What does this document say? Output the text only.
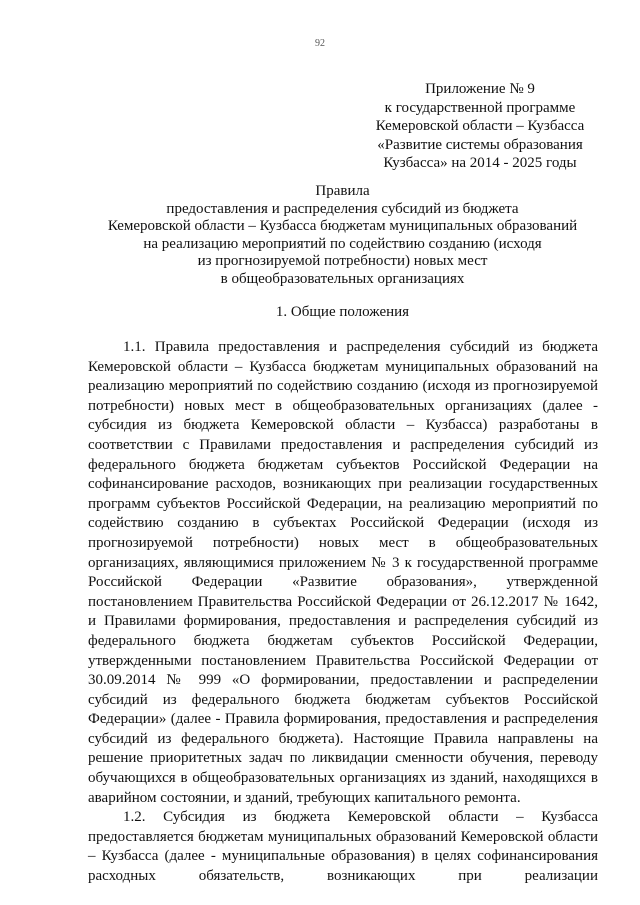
92
Приложение № 9
к государственной программе
Кемеровской области – Кузбасса
«Развитие системы образования
Кузбасса» на 2014 - 2025 годы
Правила
предоставления и распределения субсидий из бюджета
Кемеровской области – Кузбасса бюджетам муниципальных образований
на реализацию мероприятий по содействию созданию (исходя
из прогнозируемой потребности) новых мест
в общеобразовательных организациях
1. Общие положения

1.1. Правила предоставления и распределения субсидий из бюджета Кемеровской области – Кузбасса бюджетам муниципальных образований на реализацию мероприятий по содействию созданию (исходя из прогнозируемой потребности) новых мест в общеобразовательных организациях (далее - субсидия из бюджета Кемеровской области – Кузбасса) разработаны в соответствии с Правилами предоставления и распределения субсидий из федерального бюджета бюджетам субъектов Российской Федерации на софинансирование расходов, возникающих при реализации государственных программ субъектов Российской Федерации, на реализацию мероприятий по содействию созданию в субъектах Российской Федерации (исходя из прогнозируемой потребности) новых мест в общеобразовательных организациях, являющимися приложением № 3 к государственной программе Российской Федерации «Развитие образования», утвержденной постановлением Правительства Российской Федерации от 26.12.2017 № 1642, и Правилами формирования, предоставления и распределения субсидий из федерального бюджета бюджетам субъектов Российской Федерации, утвержденными постановлением Правительства Российской Федерации от 30.09.2014 № 999 «О формировании, предоставлении и распределении субсидий из федерального бюджета бюджетам субъектов Российской Федерации» (далее - Правила формирования, предоставления и распределения субсидий из федерального бюджета). Настоящие Правила направлены на решение приоритетных задач по ликвидации сменности обучения, переводу обучающихся в общеобразовательных организациях из зданий, находящихся в аварийном состоянии, и зданий, требующих капитального ремонта.

1.2. Субсидия из бюджета Кемеровской области – Кузбасса предоставляется бюджетам муниципальных образований Кемеровской области – Кузбасса (далее - муниципальные образования) в целях софинансирования расходных обязательств, возникающих при реализации
